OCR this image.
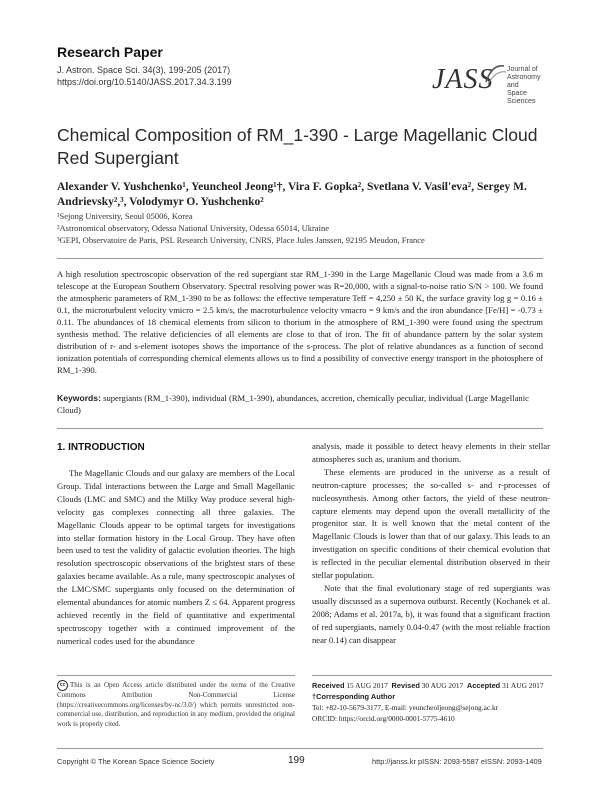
Research Paper
J. Astron. Space Sci. 34(3), 199-205 (2017)
https://doi.org/10.5140/JASS.2017.34.3.199	JASS Journal of
Astronomy and
Space Sciences
Chemical Composition of RM_1-390 - Large Magellanic Cloud Red Supergiant
Alexander V. Yushchenko¹, Yeuncheol Jeong¹†, Vira F. Gopka², Svetlana V. Vasil'eva², Sergey M. Andrievsky²,³, Volodymyr O. Yushchenko²
¹Sejong University, Seoul 05006, Korea
²Astronomical observatory, Odessa National University, Odessa 65014, Ukraine
³GEPI, Observatoire de Paris, PSL Research University, CNRS, Place Jules Janssen, 92195 Meudon, France
A high resolution spectroscopic observation of the red supergiant star RM_1-390 in the Large Magellanic Cloud was made from a 3.6 m telescope at the European Southern Observatory. Spectral resolving power was R=20,000, with a signal-to-noise ratio S/N > 100. We found the atmospheric parameters of RM_1-390 to be as follows: the effective temperature Teff = 4,250 ± 50 K, the surface gravity log g = 0.16 ± 0.1, the microturbulent velocity vmicro = 2.5 km/s, the macroturbulence velocity vmacro = 9 km/s and the iron abundance [Fe/H] = -0.73 ± 0.11. The abundances of 18 chemical elements from silicon to thorium in the atmosphere of RM_1-390 were found using the spectrum synthesis method. The relative deficiencies of all elements are close to that of iron. The fit of abundance pattern by the solar system distribution of r- and s-element isotopes shows the importance of the s-process. The plot of relative abundances as a function of second ionization potentials of corresponding chemical elements allows us to find a possibility of convective energy transport in the photosphere of RM_1-390.
Keywords: supergiants (RM_1-390), individual (RM_1-390), abundances, accretion, chemically peculiar, individual (Large Magellanic Cloud)
1. INTRODUCTION

The Magellanic Clouds and our galaxy are members of the Local Group. Tidal interactions between the Large and Small Magellanic Clouds (LMC and SMC) and the Milky Way produce several high-velocity gas complexes connecting all three galaxies. The Magellanic Clouds appear to be optimal targets for investigations into stellar formation history in the Local Group. They have often been used to test the validity of galactic evolution theories. The high resolution spectroscopic observations of the brightest stars of these galaxies became available. As a rule, many spectroscopic analyses of the LMC/SMC supergiants only focused on the determination of elemental abundances for atomic numbers Z ≤ 64. Apparent progress achieved recently in the field of quantitative and experimental spectroscopy together with a continued improvement of the numerical codes used for the abundance

analysis, made it possible to detect heavy elements in their stellar atmospheres such as, uranium and thorium.

These elements are produced in the universe as a result of neutron-capture processes; the so-called s- and r-processes of nucleosynthesis. Among other factors, the yield of these neutron-capture elements may depend upon the overall metallicity of the progenitor star. It is well known that the metal content of the Magellanic Clouds is lower than that of our galaxy. This leads to an investigation on specific conditions of their chemical evolution that is reflected in the peculiar elemental distribution observed in their stellar population.

Note that the final evolutionary stage of red supergiants was usually discussed as a supernova outburst. Recently (Kochanek et al. 2008; Adams et al. 2017a, b), it was found that a significant fraction of red supergiants, namely 0.04-0.47 (with the most reliable fraction near 0.14) can disappear

cc This is an Open Access article distributed under the terms of the Creative Commons Attribution Non-Commercial License (https://creativecommons.org/licenses/by-nc/3.0/) which permits unrestricted non-commercial use, distribution, and reproduction in any medium, provided the original work is properly cited.
Received 15 AUG 2017 Revised 30 AUG 2017 Accepted 31 AUG 2017
†Corresponding Author
Tel: +82-10-5679-3177, E-mail: yeuncheoljeong@sejong.ac.kr
ORCID: https://orcid.org/0000-0001-5775-4610
Copyright © The Korean Space Science Society	199	http://janss.kr pISSN: 2093-5587 eISSN: 2093-1409
